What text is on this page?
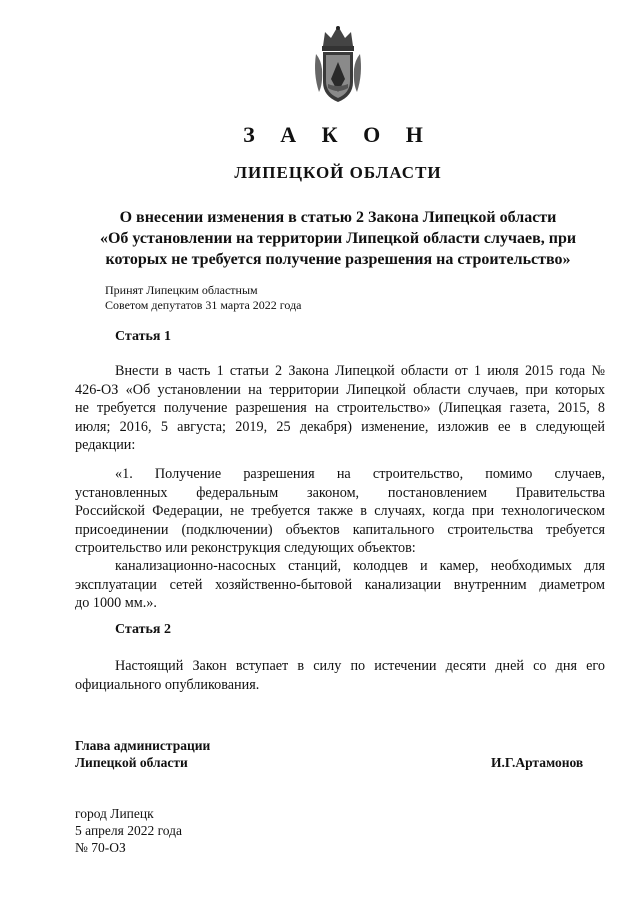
З А К О Н
ЛИПЕЦКОЙ ОБЛАСТИ
О внесении изменения в статью 2 Закона Липецкой области
«Об установлении на территории Липецкой области случаев, при
которых не требуется получение разрешения на строительство»
Принят Липецким областным
Советом депутатов 31 марта 2022 года
Статья 1
Внести в часть 1 статьи 2 Закона Липецкой области от 1 июля 2015 года №
426-ОЗ «Об установлении на территории Липецкой области случаев, при которых
не требуется получение разрешения на строительство» (Липецкая газета, 2015, 8
июля; 2016, 5 августа; 2019, 25 декабря) изменение, изложив ее в следующей
редакции:
«1. Получение разрешения на строительство, помимо случаев,
установленных федеральным законом, постановлением Правительства
Российской Федерации, не требуется также в случаях, когда при технологическом
присоединении (подключении) объектов капитального строительства требуется
строительство или реконструкция следующих объектов:
канализационно-насосных станций, колодцев и камер, необходимых для
эксплуатации сетей хозяйственно-бытовой канализации внутренним диаметром
до 1000 мм.».
Статья 2
Настоящий Закон вступает в силу по истечении десяти дней со дня его
официального опубликования.
Глава администрации
Липецкой области	И.Г.Артамонов
город Липецк
5 апреля 2022 года
№ 70-ОЗ
